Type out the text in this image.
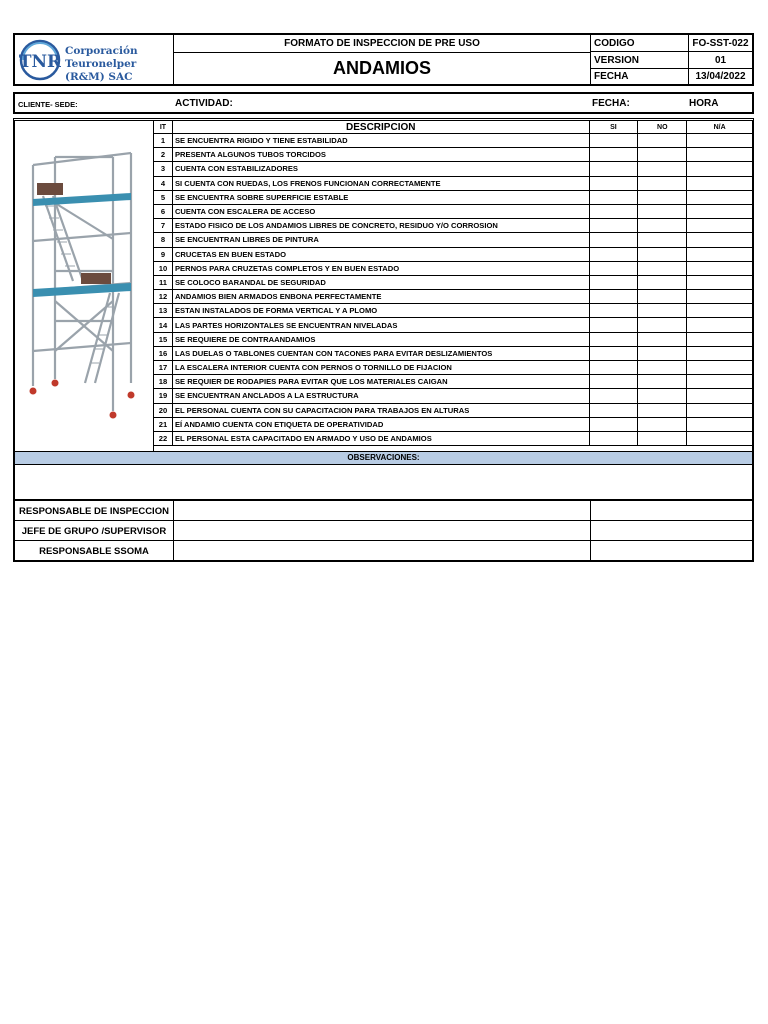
TNR
Corporación
Teuronelper (R&M) SAC
FORMATO DE INSPECCION DE PRE USO
ANDAMIOS
CODIGO	FO-SST-022
VERSION	01
FECHA	13/04/2022
CLIENTE- SEDE:	ACTIVIDAD:	FECHA:	HORA
IT	DESCRIPCION	SI	NO	N/A
1	SE ENCUENTRA RIGIDO Y TIENE ESTABILIDAD			
2	PRESENTA ALGUNOS TUBOS TORCIDOS			
3	CUENTA CON ESTABILIZADORES			
4	SI CUENTA CON RUEDAS, LOS FRENOS FUNCIONAN CORRECTAMENTE			
5	SE ENCUENTRA SOBRE SUPERFICIE ESTABLE			
6	CUENTA CON ESCALERA DE ACCESO			
7	ESTADO FISICO DE LOS ANDAMIOS LIBRES DE CONCRETO, RESIDUO Y/O CORROSION			
8	SE ENCUENTRAN LIBRES DE PINTURA			
9	CRUCETAS EN BUEN ESTADO			
10	PERNOS PARA CRUZETAS COMPLETOS Y EN BUEN ESTADO			
11	SE COLOCO BARANDAL DE SEGURIDAD			
12	ANDAMIOS BIEN ARMADOS ENBONA PERFECTAMENTE			
13	ESTAN INSTALADOS DE FORMA VERTICAL Y A PLOMO			
14	LAS PARTES HORIZONTALES SE ENCUENTRAN NIVELADAS			
15	SE REQUIERE DE CONTRAANDAMIOS			
16	LAS DUELAS O TABLONES CUENTAN CON TACONES PARA EVITAR DESLIZAMIENTOS			
17	LA ESCALERA INTERIOR CUENTA CON PERNOS O TORNILLO DE FIJACION			
18	SE REQUIER DE RODAPIES PARA EVITAR QUE LOS MATERIALES CAIGAN			
19	SE ENCUENTRAN ANCLADOS A LA ESTRUCTURA			
20	EL PERSONAL CUENTA CON SU CAPACITACION PARA TRABAJOS EN ALTURAS			
21	EÍ ANDAMIO CUENTA CON ETIQUETA DE OPERATIVIDAD			
22	EL PERSONAL ESTA CAPACITADO EN ARMADO Y USO DE ANDAMIOS			
OBSERVACIONES:
RESPONSABLE DE INSPECCION
JEFE DE GRUPO /SUPERVISOR
RESPONSABLE SSOMA
